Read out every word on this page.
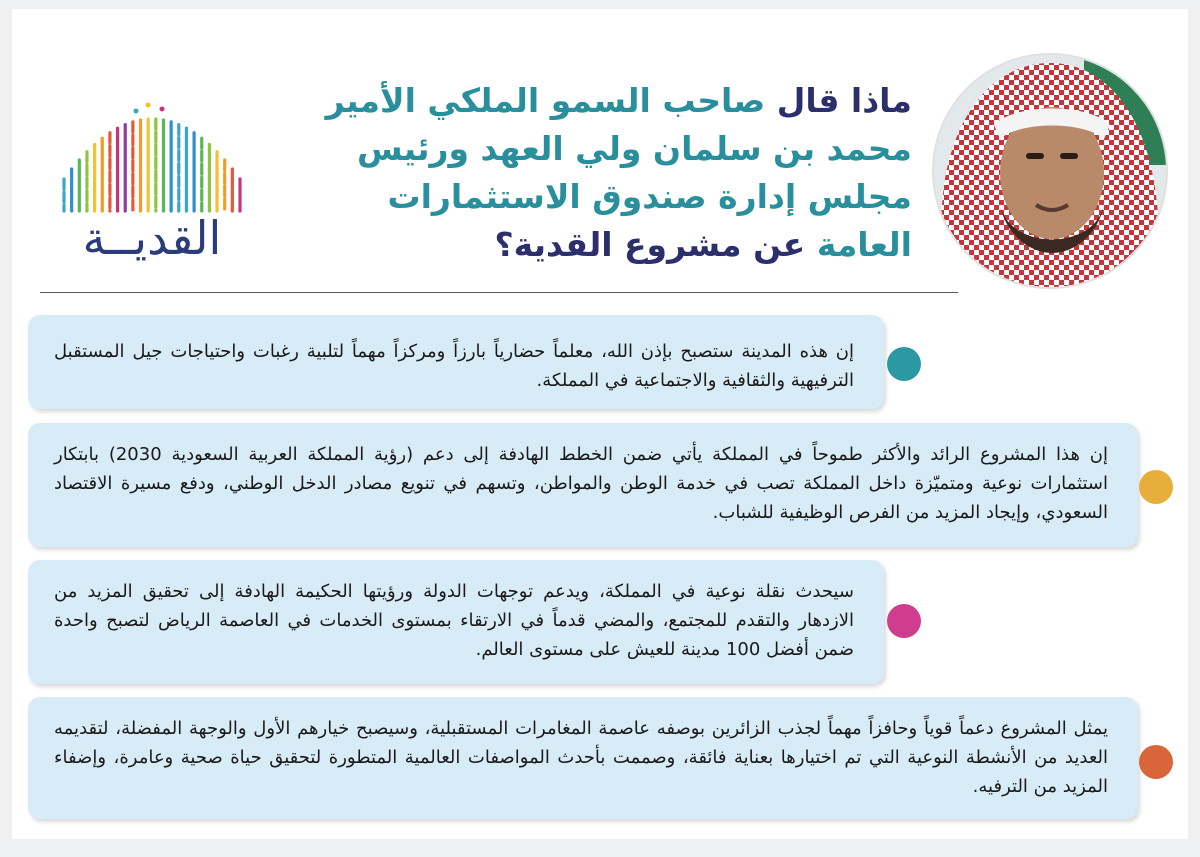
القديــة
ماذا قال صاحب السمو الملكي الأمير
محمد بن سلمان ولي العهد ورئيس
مجلس إدارة صندوق الاستثمارات
العامة عن مشروع القدية؟
إن هذه المدينة ستصبح بإذن الله، معلماً حضارياً بارزاً ومركزاً مهماً لتلبية رغبات واحتياجات جيل المستقبل الترفيهية والثقافية والاجتماعية في المملكة.
إن هذا المشروع الرائد والأكثر طموحاً في المملكة يأتي ضمن الخطط الهادفة إلى دعم (رؤية المملكة العربية السعودية 2030) بابتكار استثمارات نوعية ومتميّزة داخل المملكة تصب في خدمة الوطن والمواطن، وتسهم في تنويع مصادر الدخل الوطني، ودفع مسيرة الاقتصاد السعودي، وإيجاد المزيد من الفرص الوظيفية للشباب.
سيحدث نقلة نوعية في المملكة، ويدعم توجهات الدولة ورؤيتها الحكيمة الهادفة إلى تحقيق المزيد من الازدهار والتقدم للمجتمع، والمضي قدماً في الارتقاء بمستوى الخدمات في العاصمة الرياض لتصبح واحدة ضمن أفضل 100 مدينة للعيش على مستوى العالم.
يمثل المشروع دعماً قوياً وحافزاً مهماً لجذب الزائرين بوصفه عاصمة المغامرات المستقبلية، وسيصبح خيارهم الأول والوجهة المفضلة، لتقديمه العديد من الأنشطة النوعية التي تم اختيارها بعناية فائقة، وصممت بأحدث المواصفات العالمية المتطورة لتحقيق حياة صحية وعامرة، وإضفاء المزيد من الترفيه.
